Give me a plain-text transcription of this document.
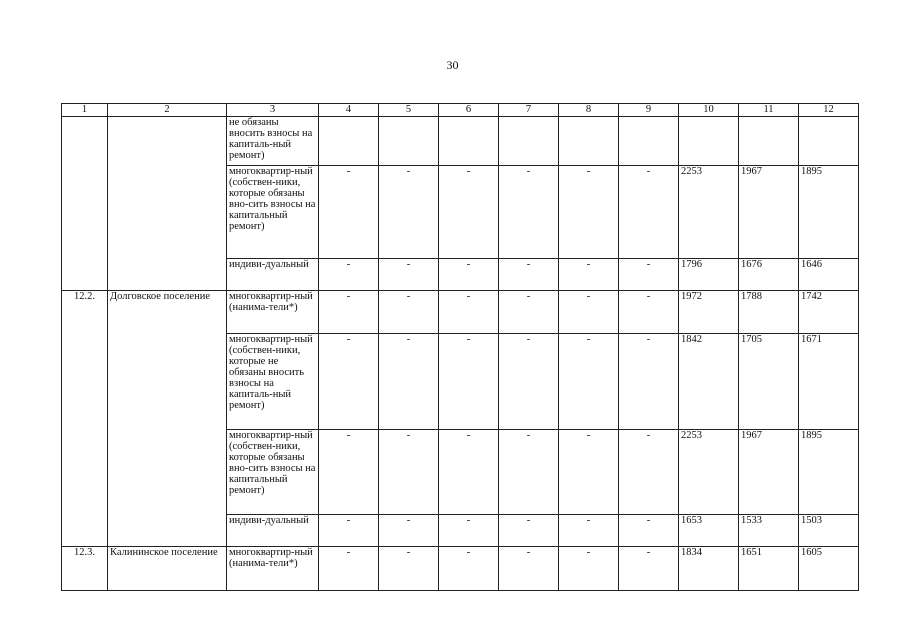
30
1	2	3	4	5	6	7	8	9	10	11	12
		не обязаны вносить взносы на капиталь-ный ремонт)									
		многоквартир-ный (собствен-ники, которые обязаны вно-сить взносы на капитальный ремонт)	-	-	-	-	-	-	2253	1967	1895
		индиви-дуальный	-	-	-	-	-	-	1796	1676	1646
12.2.	Долговское поселение	многоквартир-ный (нанима-тели*)	-	-	-	-	-	-	1972	1788	1742
		многоквартир-ный (собствен-ники, которые не обязаны вносить взносы на капиталь-ный ремонт)	-	-	-	-	-	-	1842	1705	1671
		многоквартир-ный (собствен-ники, которые обязаны вно-сить взносы на капитальный ремонт)	-	-	-	-	-	-	2253	1967	1895
		индиви-дуальный	-	-	-	-	-	-	1653	1533	1503
12.3.	Калининское поселение	многоквартир-ный (нанима-тели*)	-	-	-	-	-	-	1834	1651	1605
